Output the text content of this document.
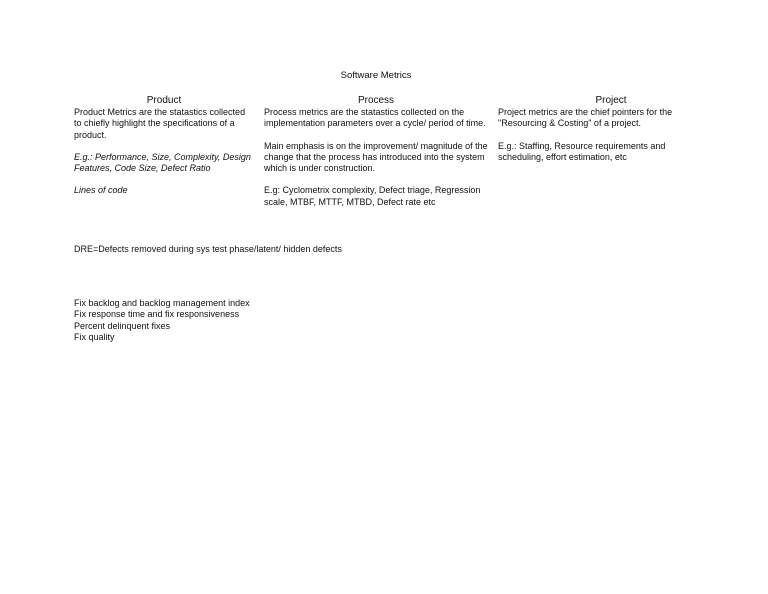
Software Metrics
Product
Product Metrics are the statastics collected to chiefly highlight the specifications of a product.
E.g.: Performance, Size, Complexity, Design Features, Code Size, Defect Ratio
Lines of code
Process
Process metrics are the statastics collected on the implementation parameters over a cycle/ period of time.
Main emphasis is on the improvement/ magnitude of the change that the process has introduced into the system which is under construction.
E.g: Cyclometrix complexity, Defect triage, Regression scale, MTBF, MTTF, MTBD, Defect rate etc
Project
Project metrics are the chief pointers for the "Resourcing & Costing" of a project.
E.g.: Staffing, Resource requirements and scheduling, effort estimation, etc
DRE=Defects removed during sys test phase/latent/ hidden defects
Fix backlog and backlog management index
Fix response time and fix responsiveness
Percent delinquent fixes
Fix quality
